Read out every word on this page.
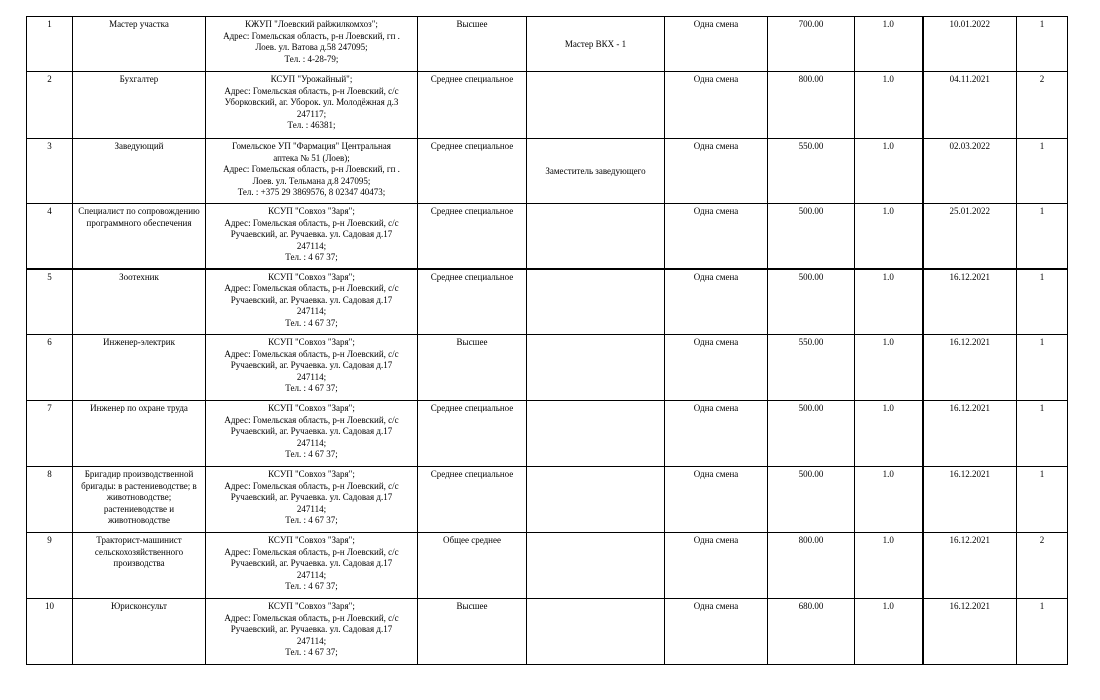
1	Мастер участка	КЖУП "Лоевский райжилкомхоз";
Адрес: Гомельская область, р-н Лоевский, гп .
Лоев. ул. Ватова д.58 247095;
Тел. : 4-28-79;	Высшее	Мастер ВКХ - 1	Одна смена	700.00	1.0	10.01.2022	1
2	Бухгалтер	КСУП "Урожайный";
Адрес: Гомельская область, р-н Лоевский, с/с
Уборковский, аг. Уборок. ул. Молодёжная д.3
247117;
Тел. : 46381;	Среднее специальное		Одна смена	800.00	1.0	04.11.2021	2
3	Заведующий	Гомельское УП "Фармация" Центральная
аптека № 51 (Лоев);
Адрес: Гомельская область, р-н Лоевский, гп .
Лоев. ул. Тельмана д.8 247095;
Тел. : +375 29 3869576, 8 02347 40473;	Среднее специальное	Заместитель заведующего	Одна смена	550.00	1.0	02.03.2022	1
4	Специалист по сопровождению программного обеспечения	КСУП "Совхоз "Заря";
Адрес: Гомельская область, р-н Лоевский, с/с
Ручаевский, аг. Ручаевка. ул. Садовая д.17
247114;
Тел. : 4 67 37;	Среднее специальное		Одна смена	500.00	1.0	25.01.2022	1
5	Зоотехник	КСУП "Совхоз "Заря";
Адрес: Гомельская область, р-н Лоевский, с/с
Ручаевский, аг. Ручаевка. ул. Садовая д.17
247114;
Тел. : 4 67 37;	Среднее специальное		Одна смена	500.00	1.0	16.12.2021	1
6	Инженер-электрик	КСУП "Совхоз "Заря";
Адрес: Гомельская область, р-н Лоевский, с/с
Ручаевский, аг. Ручаевка. ул. Садовая д.17
247114;
Тел. : 4 67 37;	Высшее		Одна смена	550.00	1.0	16.12.2021	1
7	Инженер по охране труда	КСУП "Совхоз "Заря";
Адрес: Гомельская область, р-н Лоевский, с/с
Ручаевский, аг. Ручаевка. ул. Садовая д.17
247114;
Тел. : 4 67 37;	Среднее специальное		Одна смена	500.00	1.0	16.12.2021	1
8	Бригадир производственной бригады: в растениеводстве; в животноводстве; растениеводстве и животноводстве	КСУП "Совхоз "Заря";
Адрес: Гомельская область, р-н Лоевский, с/с
Ручаевский, аг. Ручаевка. ул. Садовая д.17
247114;
Тел. : 4 67 37;	Среднее специальное		Одна смена	500.00	1.0	16.12.2021	1
9	Тракторист-машинист сельскохозяйственного производства	КСУП "Совхоз "Заря";
Адрес: Гомельская область, р-н Лоевский, с/с
Ручаевский, аг. Ручаевка. ул. Садовая д.17
247114;
Тел. : 4 67 37;	Общее среднее		Одна смена	800.00	1.0	16.12.2021	2
10	Юрисконсульт	КСУП "Совхоз "Заря";
Адрес: Гомельская область, р-н Лоевский, с/с
Ручаевский, аг. Ручаевка. ул. Садовая д.17
247114;
Тел. : 4 67 37;	Высшее		Одна смена	680.00	1.0	16.12.2021	1
